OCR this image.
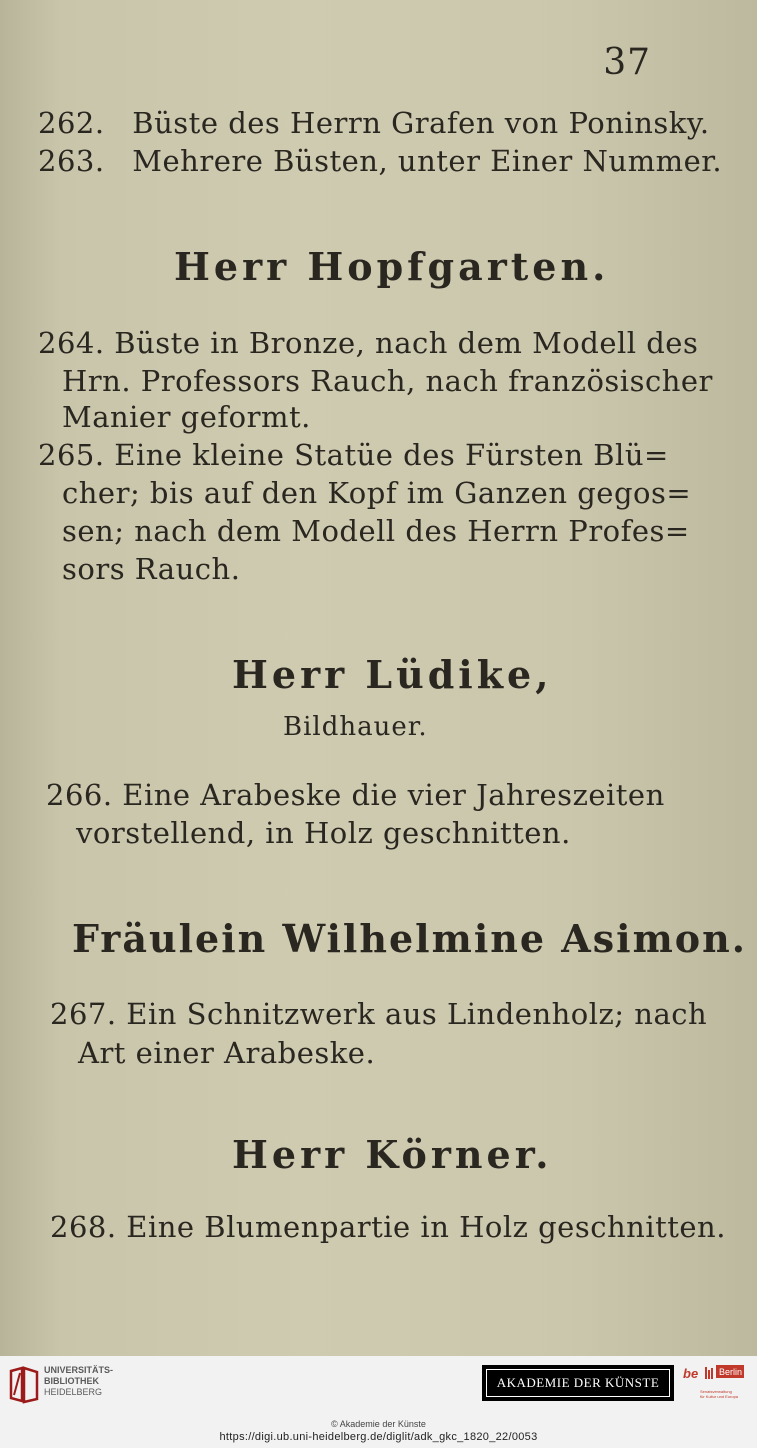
37
262. Büste des Herrn Grafen von Poninsky.
263. Mehrere Büsten, unter Einer Nummer.
Herr Hopfgarten.
264. Büste in Bronze, nach dem Modell des
Hrn. Professors Rauch, nach französischer
Manier geformt.
265. Eine kleine Statüe des Fürsten Blü=
cher; bis auf den Kopf im Ganzen gegos=
sen; nach dem Modell des Herrn Profes=
sors Rauch.
Herr Lüdike,
Bildhauer.
266. Eine Arabeske die vier Jahreszeiten
vorstellend, in Holz geschnitten.
Fräulein Wilhelmine Asimon.
267. Ein Schnitzwerk aus Lindenholz; nach
Art einer Arabeske.
Herr Körner.
268. Eine Blumenpartie in Holz geschnitten.
UNIVERSITÄTS-
BIBLIOTHEK
HEIDELBERG
AKADEMIE DER KÜNSTE
be Berlin
Senatsverwaltung
für Kultur und Europa
© Akademie der Künste
https://digi.ub.uni-heidelberg.de/diglit/adk_gkc_1820_22/0053
